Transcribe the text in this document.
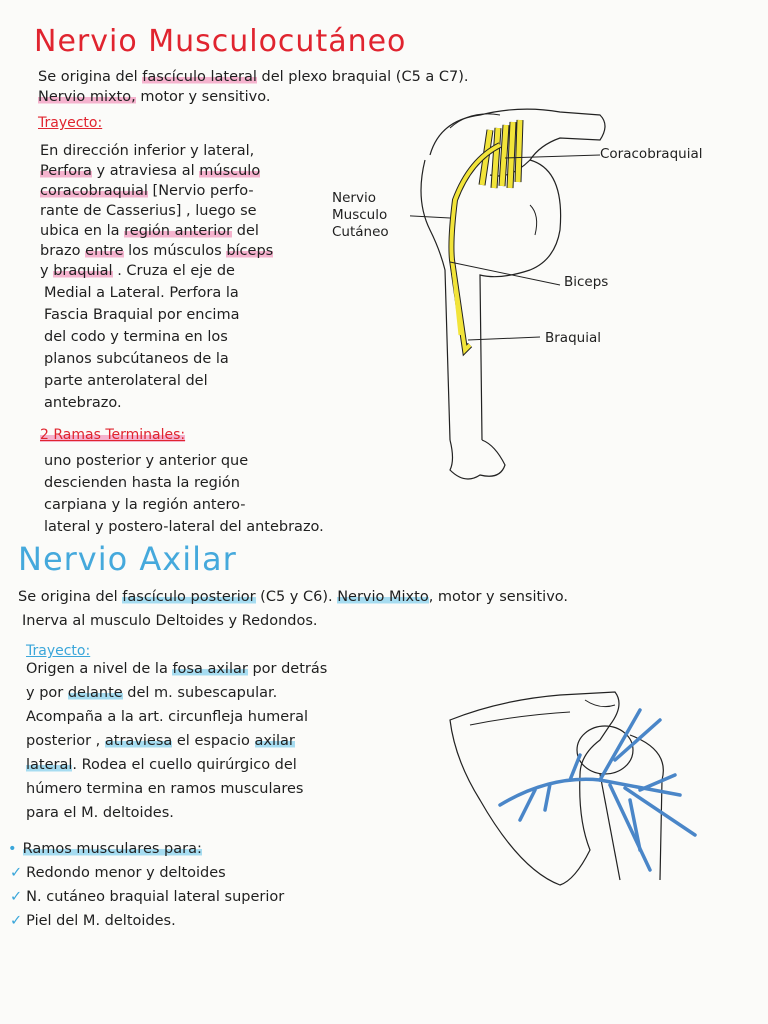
Nervio Musculocutáneo
Se origina del fascículo lateral del plexo braquial (C5 a C7).
Nervio mixto, motor y sensitivo.
Trayecto:
En dirección inferior y lateral,
Perfora y atraviesa al músculo
coracobraquial [Nervio perfo-
rante de Casserius] , luego se
ubica en la región anterior del
brazo entre los músculos bíceps
y braquial . Cruza el eje de
Medial a Lateral. Perfora la
Fascia Braquial por encima
del codo y termina en los
planos subcútaneos de la
parte anterolateral del
antebrazo.
2 Ramas Terminales:
uno posterior y anterior que
descienden hasta la región
carpiana y la región antero-
lateral y postero-lateral del antebrazo.
Coracobraquial
Nervio
Musculo
Cutáneo
Biceps
Braquial
Nervio Axilar
Se origina del fascículo posterior (C5 y C6). Nervio Mixto, motor y sensitivo.
Inerva al musculo Deltoides y Redondos.
Trayecto:
Origen a nivel de la fosa axilar por detrás
y por delante del m. subescapular.
Acompaña a la art. circunfleja humeral
posterior , atraviesa el espacio axilar
lateral. Rodea el cuello quirúrgico del
húmero termina en ramos musculares
para el M. deltoides.
• Ramos musculares para:
✓ Redondo menor y deltoides
✓ N. cutáneo braquial lateral superior
✓ Piel del M. deltoides.
